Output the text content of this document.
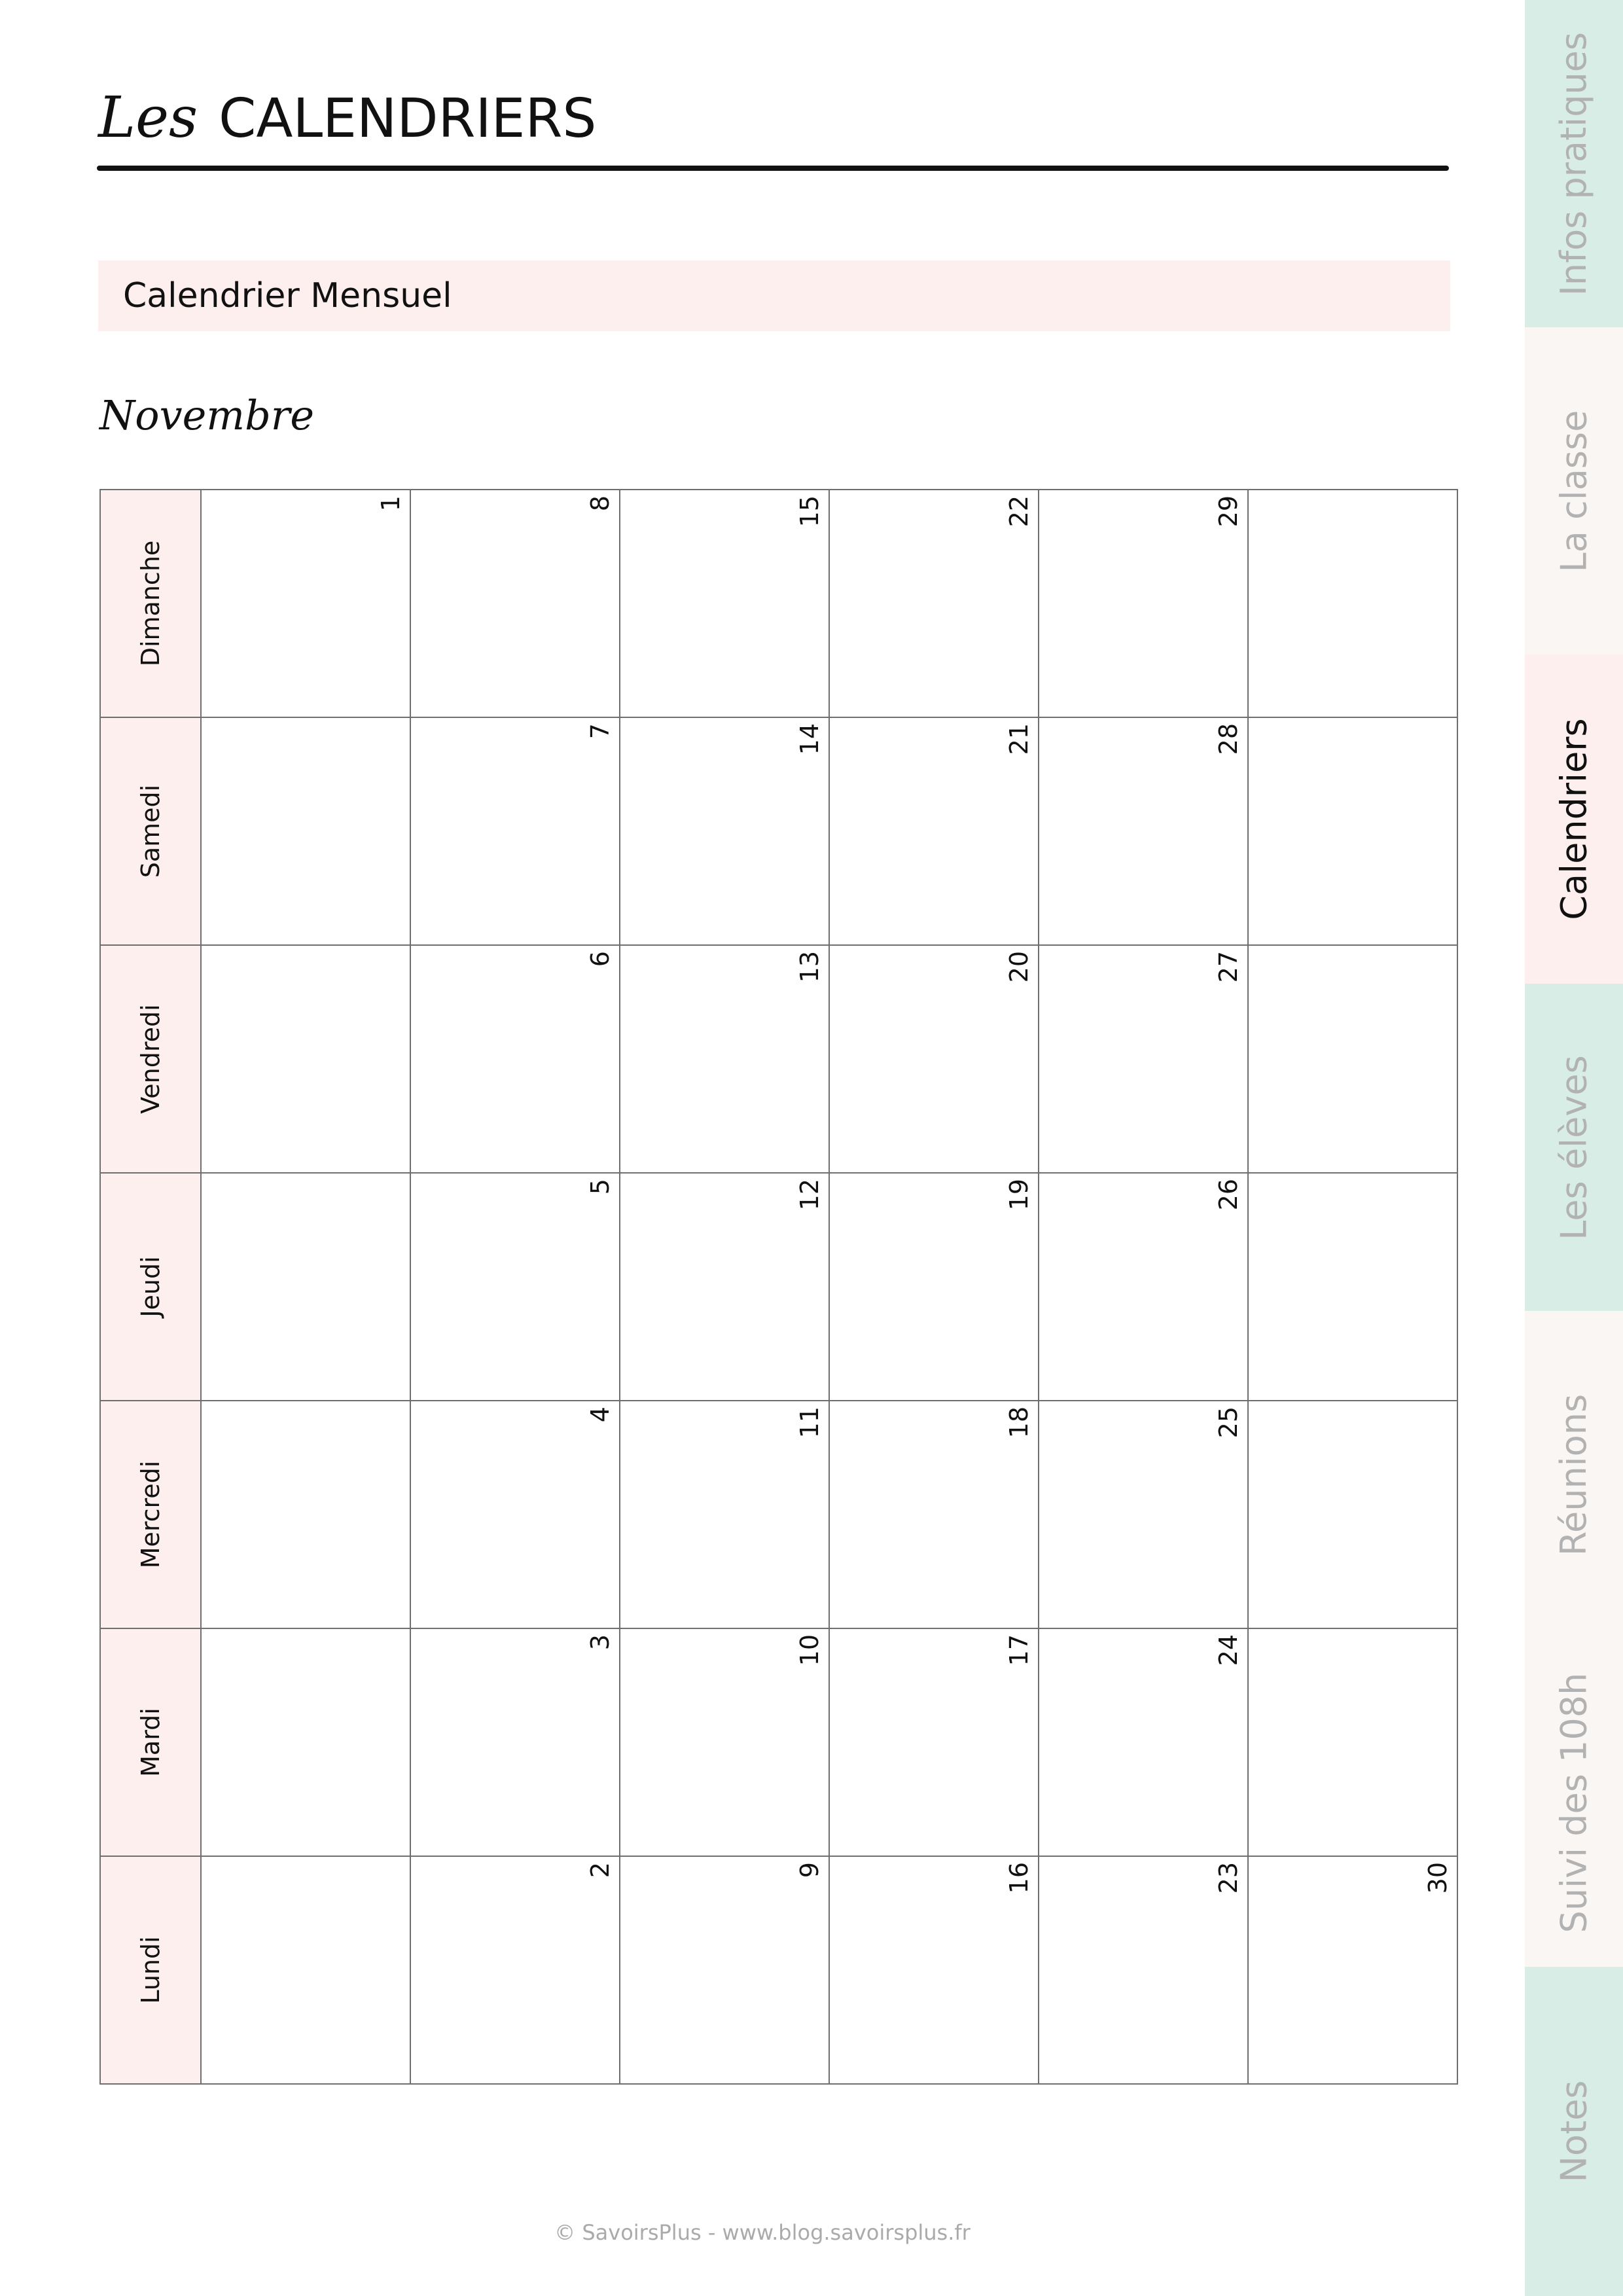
Les CALENDRIERS
Calendrier Mensuel
Novembre
Dimanche	1	8	15	22	29	

Samedi		7	14	21	28	

Vendredi		6	13	20	27	

Jeudi		5	12	19	26	

Mercredi		4	11	18	25	

Mardi		3	10	17	24	

Lundi		2	9	16	23	30
Infos pratiques
La classe
Calendriers
Les élèves
Réunions
Suivi des 108h
Notes
© SavoirsPlus - www.blog.savoirsplus.fr
